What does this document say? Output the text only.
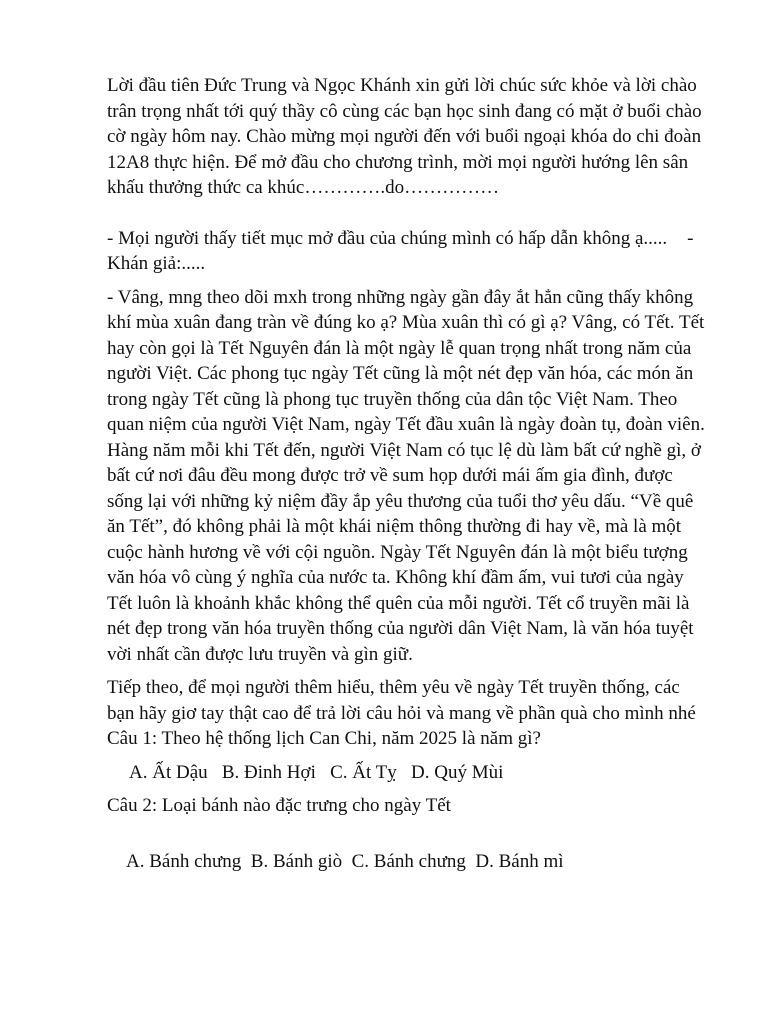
Lời đầu tiên Đức Trung và Ngọc Khánh xin gửi lời chúc sức khỏe và lời chào trân trọng nhất tới quý thầy cô cùng các bạn học sinh đang có mặt ở buổi chào cờ ngày hôm nay. Chào mừng mọi người đến với buổi ngoại khóa do chi đoàn 12A8 thực hiện. Để mở đầu cho chương trình, mời mọi người hướng lên sân khấu thưởng thức ca khúc………….do……………

- Mọi người thấy tiết mục mở đầu của chúng mình có hấp dẫn không ạ..... - Khán giả:.....

- Vâng, mng theo dõi mxh trong những ngày gần đây ắt hẳn cũng thấy không khí mùa xuân đang tràn về đúng ko ạ? Mùa xuân thì có gì ạ? Vâng, có Tết. Tết hay còn gọi là Tết Nguyên đán là một ngày lễ quan trọng nhất trong năm của người Việt. Các phong tục ngày Tết cũng là một nét đẹp văn hóa, các món ăn trong ngày Tết cũng là phong tục truyền thống của dân tộc Việt Nam. Theo quan niệm của người Việt Nam, ngày Tết đầu xuân là ngày đoàn tụ, đoàn viên. Hàng năm mỗi khi Tết đến, người Việt Nam có tục lệ dù làm bất cứ nghề gì, ở bất cứ nơi đâu đều mong được trở về sum họp dưới mái ấm gia đình, được sống lại với những kỷ niệm đầy ắp yêu thương của tuổi thơ yêu dấu. “Về quê ăn Tết”, đó không phải là một khái niệm thông thường đi hay về, mà là một cuộc hành hương về với cội nguồn. Ngày Tết Nguyên đán là một biểu tượng văn hóa vô cùng ý nghĩa của nước ta. Không khí đầm ấm, vui tươi của ngày Tết luôn là khoảnh khắc không thể quên của mỗi người. Tết cổ truyền mãi là nét đẹp trong văn hóa truyền thống của người dân Việt Nam, là văn hóa tuyệt vời nhất cần được lưu truyền và gìn giữ.

Tiếp theo, để mọi người thêm hiểu, thêm yêu về ngày Tết truyền thống, các bạn hãy giơ tay thật cao để trả lời câu hỏi và mang về phần quà cho mình nhé

Câu 1: Theo hệ thống lịch Can Chi, năm 2025 là năm gì?

A. Ất Dậu   B. Đinh Hợi   C. Ất Tỵ   D. Quý Mùi

Câu 2: Loại bánh nào đặc trưng cho ngày Tết

A. Bánh chưng  B. Bánh giò  C. Bánh chưng  D. Bánh mì
